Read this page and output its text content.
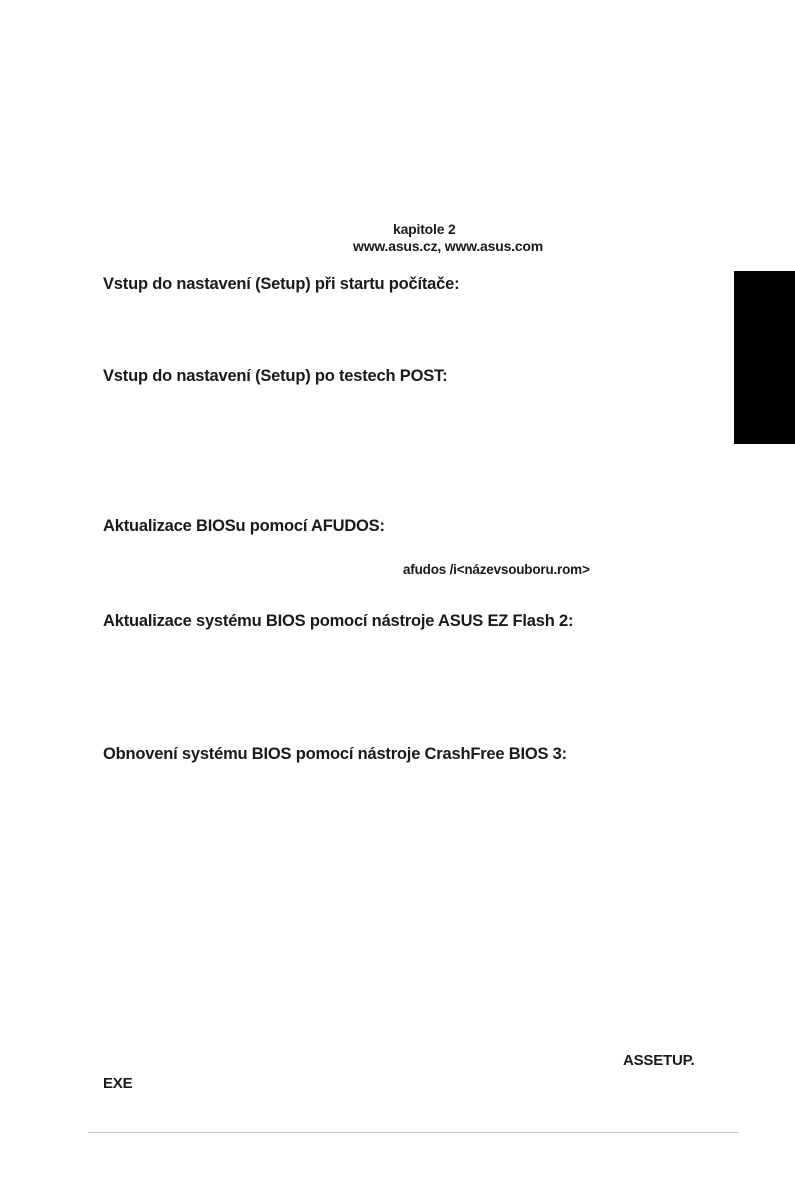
kapitole 2
www.asus.cz, www.asus.com
Vstup do nastavení (Setup) při startu počítače:
Vstup do nastavení (Setup) po testech POST:
Aktualizace BIOSu pomocí AFUDOS:
afudos /i<názevsouboru.rom>
Aktualizace systému BIOS pomocí nástroje ASUS EZ Flash 2:
Obnovení systému BIOS pomocí nástroje CrashFree BIOS 3:
ASSETUP.
EXE
